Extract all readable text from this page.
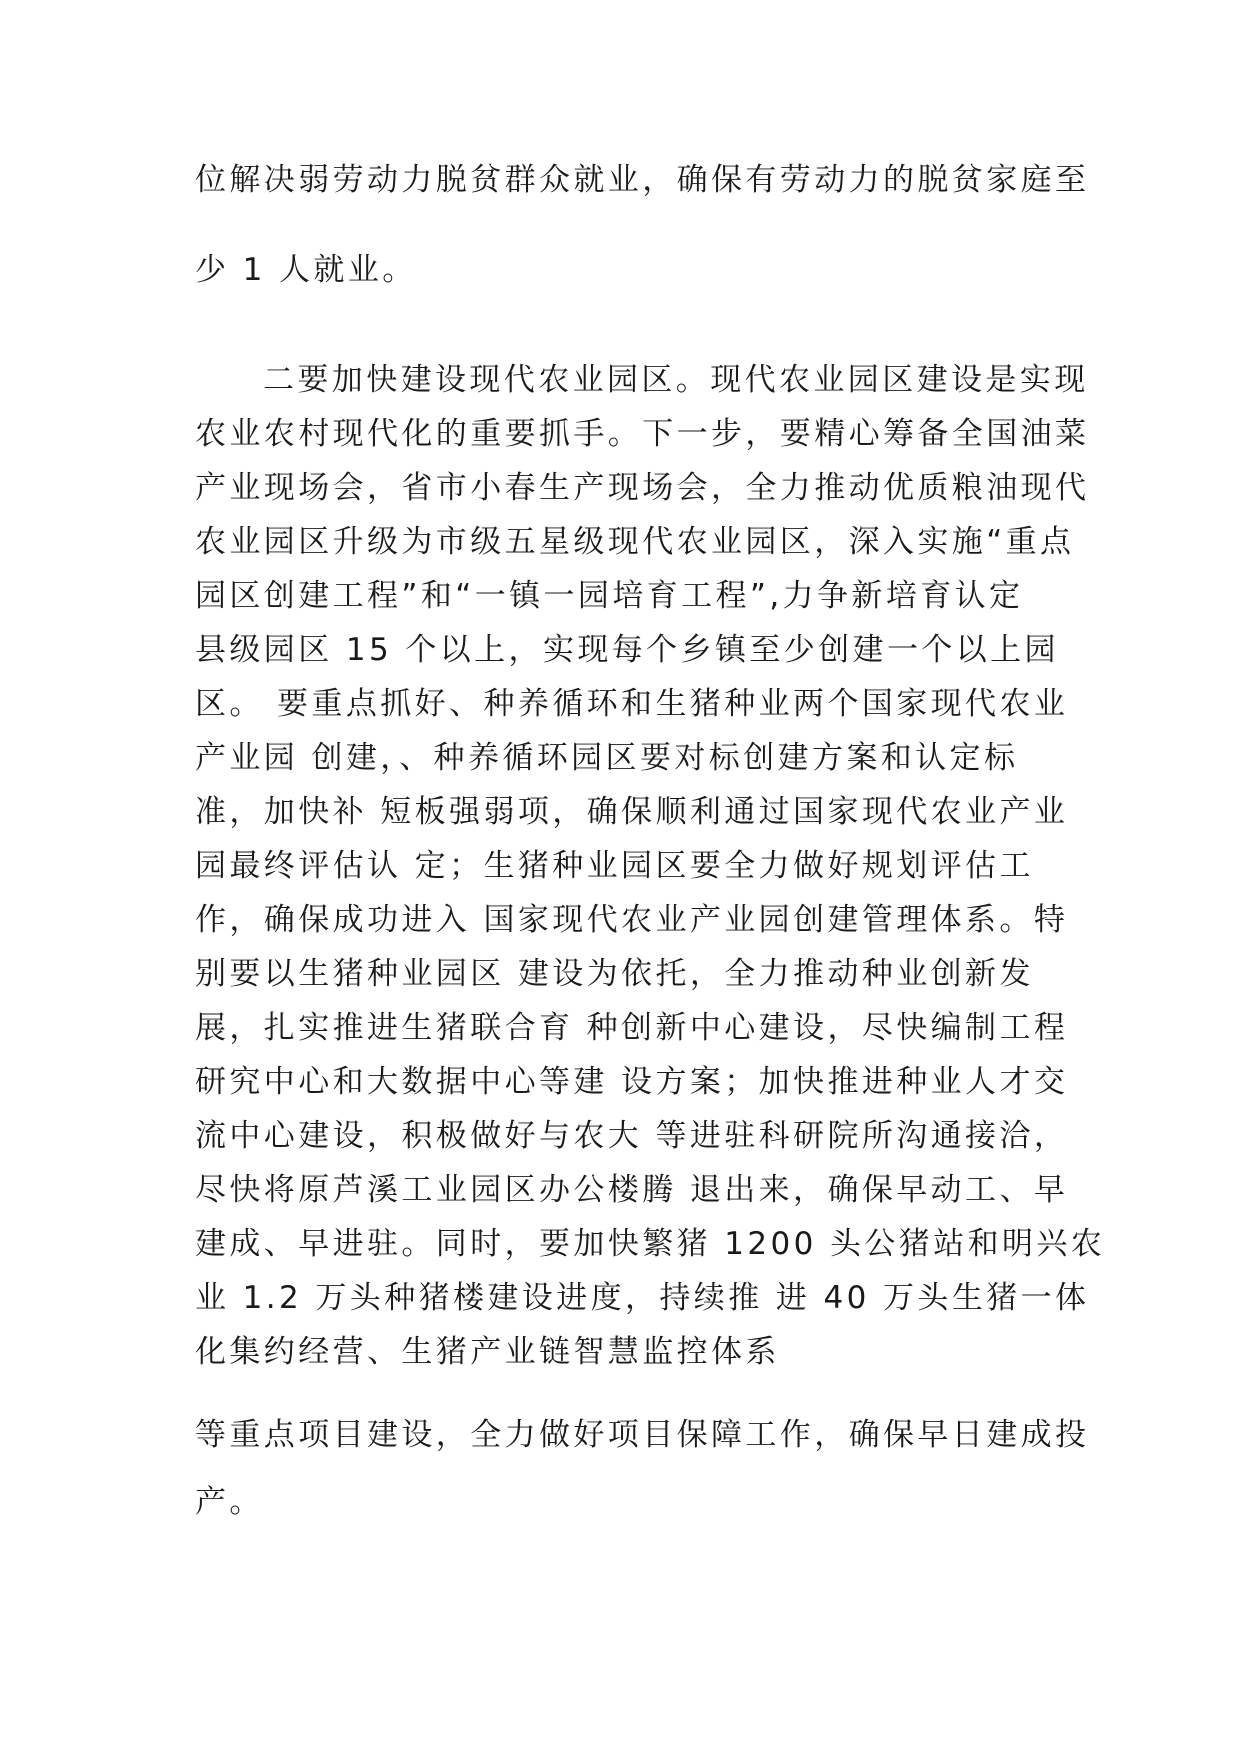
位解决弱劳动力脱贫群众就业，确保有劳动力的脱贫家庭至

少 1 人就业。

二要加快建设现代农业园区。现代农业园区建设是实现

农业农村现代化的重要抓手。下一步，要精心筹备全国油菜

产业现场会，省市小春生产现场会，全力推动优质粮油现代

农业园区升级为市级五星级现代农业园区，深入实施“重点

园区创建工程”和“一镇一园培育工程”,力争新培育认定

县级园区 15 个以上，实现每个乡镇至少创建一个以上园

区。 要重点抓好、种养循环和生猪种业两个国家现代农业

产业园 创建，、种养循环园区要对标创建方案和认定标

准，加快补 短板强弱项，确保顺利通过国家现代农业产业

园最终评估认 定；生猪种业园区要全力做好规划评估工

作，确保成功进入 国家现代农业产业园创建管理体系。特

别要以生猪种业园区 建设为依托，全力推动种业创新发

展，扎实推进生猪联合育 种创新中心建设，尽快编制工程

研究中心和大数据中心等建 设方案；加快推进种业人才交

流中心建设，积极做好与农大 等进驻科研院所沟通接洽，

尽快将原芦溪工业园区办公楼腾 退出来，确保早动工、早

建成、早进驻。同时，要加快繁猪 1200 头公猪站和明兴农

业 1.2 万头种猪楼建设进度，持续推 进 40 万头生猪一体

化集约经营、生猪产业链智慧监控体系

等重点项目建设，全力做好项目保障工作，确保早日建成投

产。
